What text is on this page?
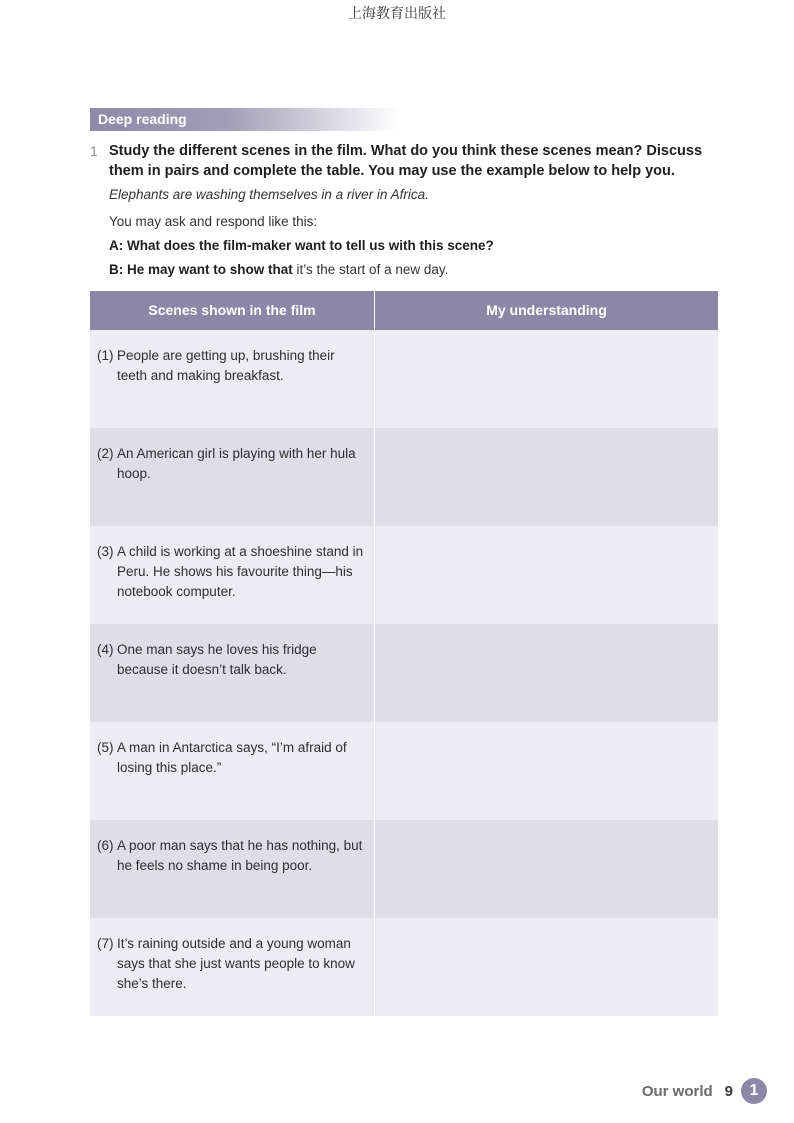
上海教育出版社
Deep reading
1 Study the different scenes in the film. What do you think these scenes mean? Discuss them in pairs and complete the table. You may use the example below to help you.
Elephants are washing themselves in a river in Africa.
You may ask and respond like this:
A: What does the film-maker want to tell us with this scene?
B: He may want to show that it’s the start of a new day.
Scenes shown in the film	My understanding
(1) People are getting up, brushing their teeth and making breakfast.
(2) An American girl is playing with her hula hoop.
(3) A child is working at a shoeshine stand in Peru. He shows his favourite thing—his notebook computer.
(4) One man says he loves his fridge because it doesn’t talk back.
(5) A man in Antarctica says, “I’m afraid of losing this place.”
(6) A poor man says that he has nothing, but he feels no shame in being poor.
(7) It’s raining outside and a young woman says that she just wants people to know she’s there.
Our world 9	1
